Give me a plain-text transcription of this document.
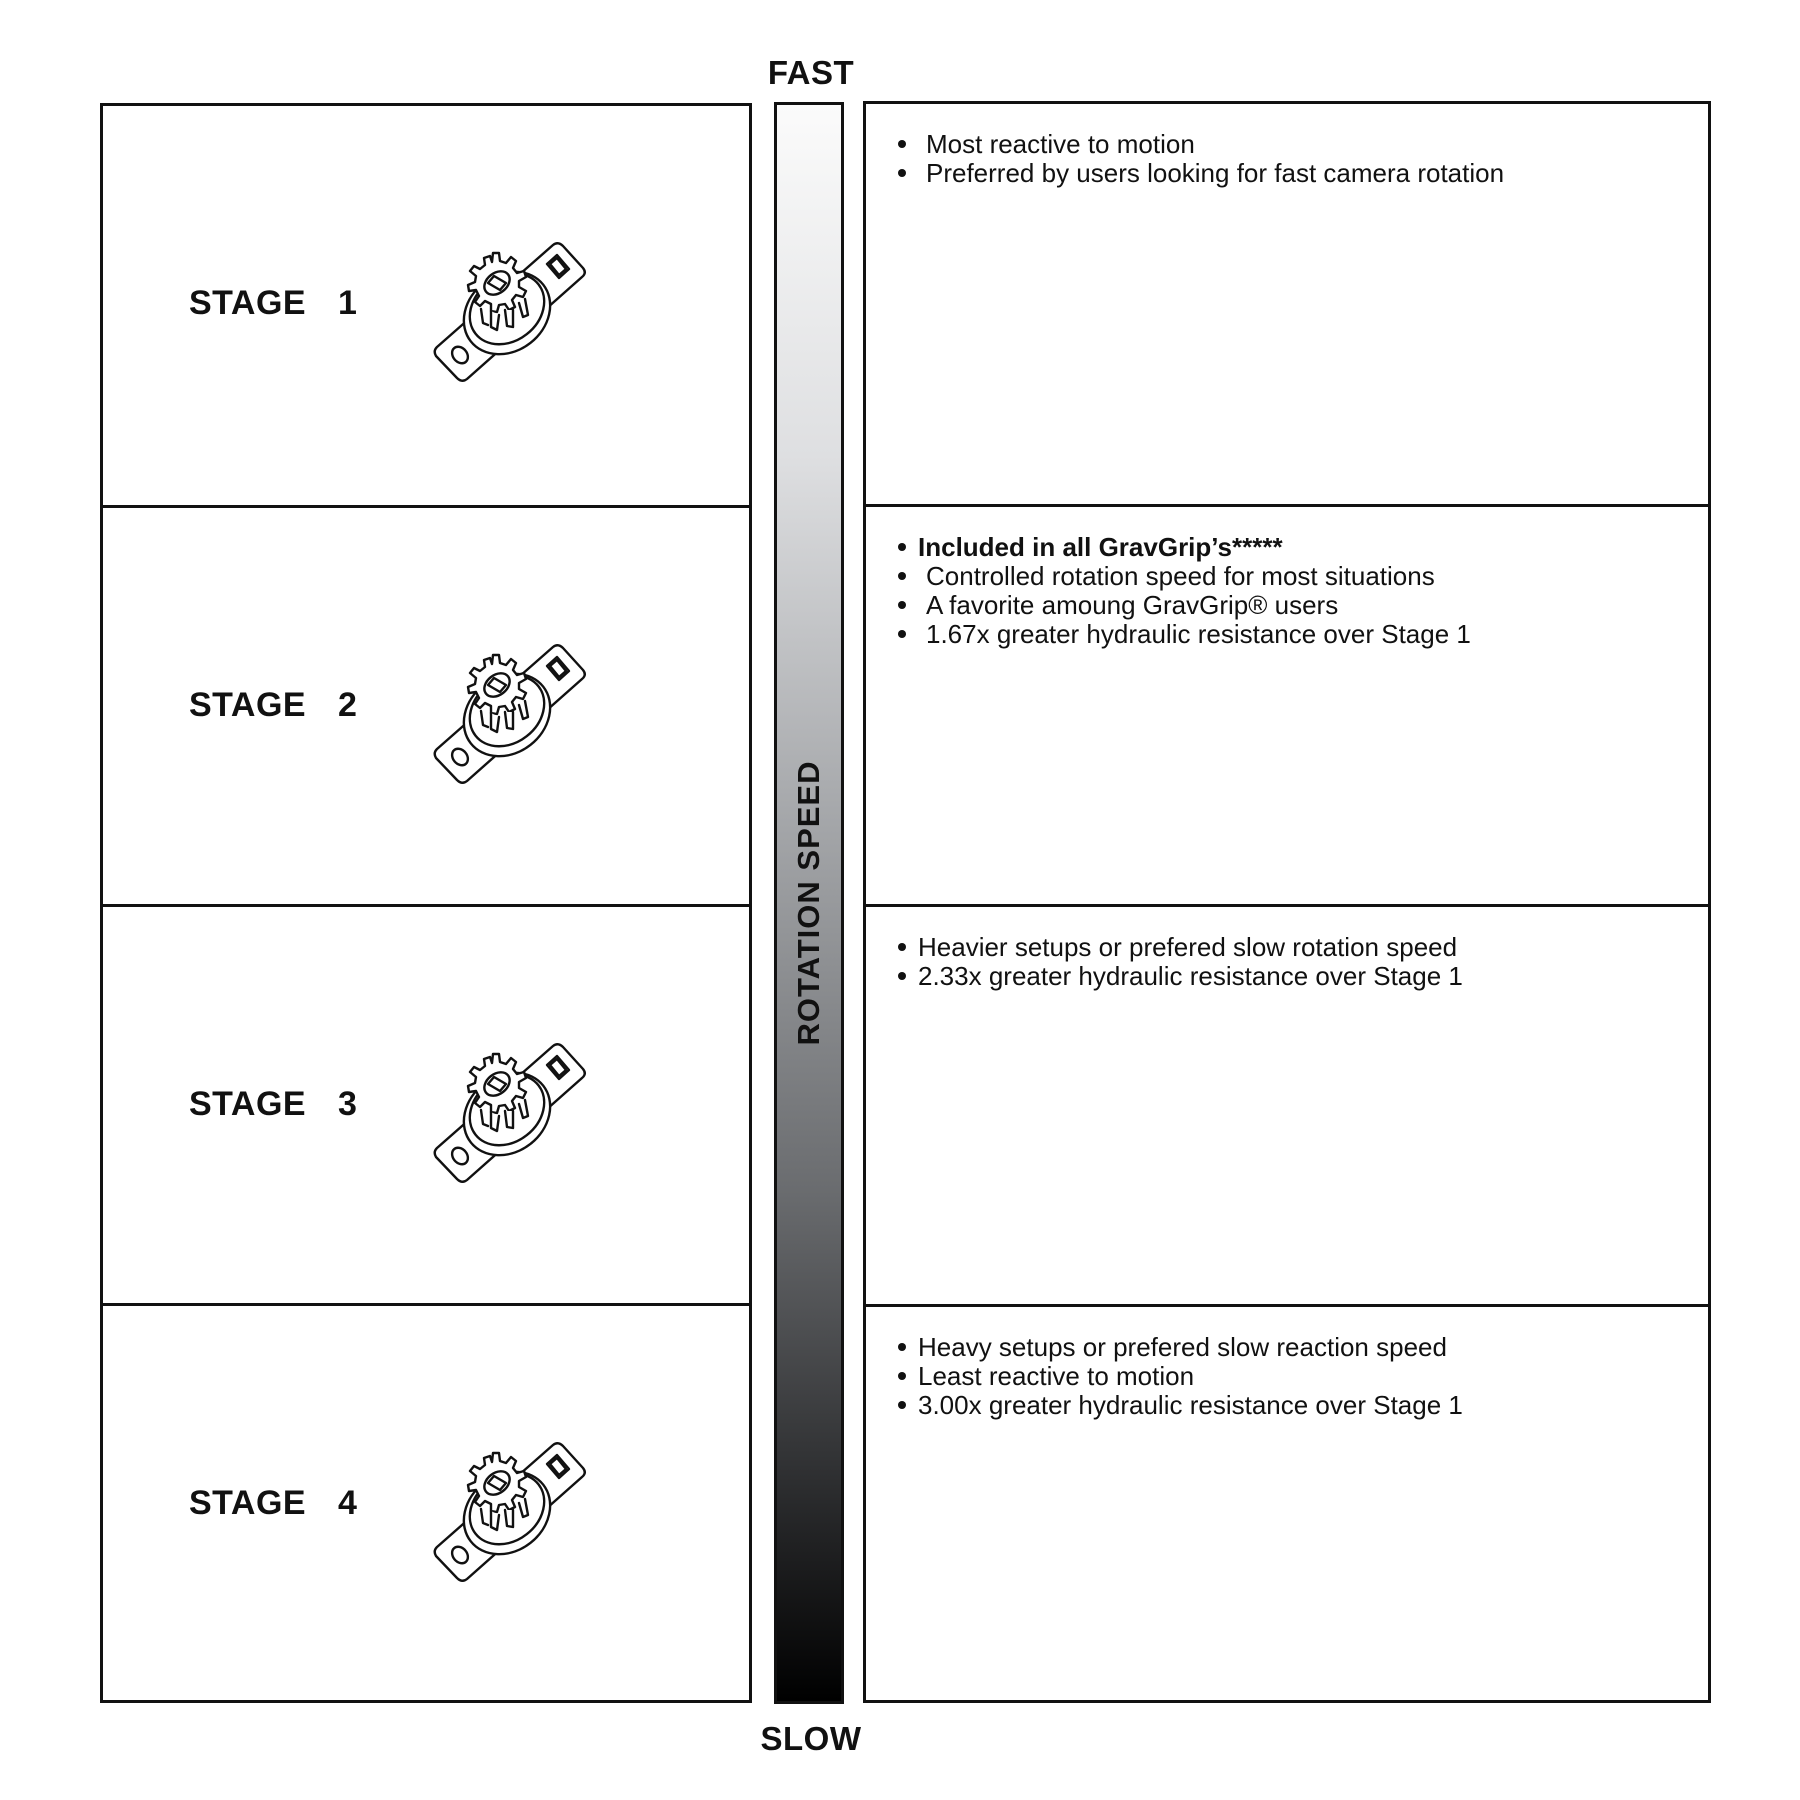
FAST
STAGE  1
STAGE  2
STAGE  3
STAGE  4
ROTATION SPEED
Most reactive to motion
Preferred by users looking for fast camera rotation
Included in all GravGrip’s*****
Controlled rotation speed for most situations
A favorite amoung GravGrip® users
1.67x greater hydraulic resistance over Stage 1
Heavier setups or prefered slow rotation speed
2.33x greater hydraulic resistance over Stage 1
Heavy setups or prefered slow reaction speed
Least reactive to motion
3.00x greater hydraulic resistance over Stage 1
SLOW
